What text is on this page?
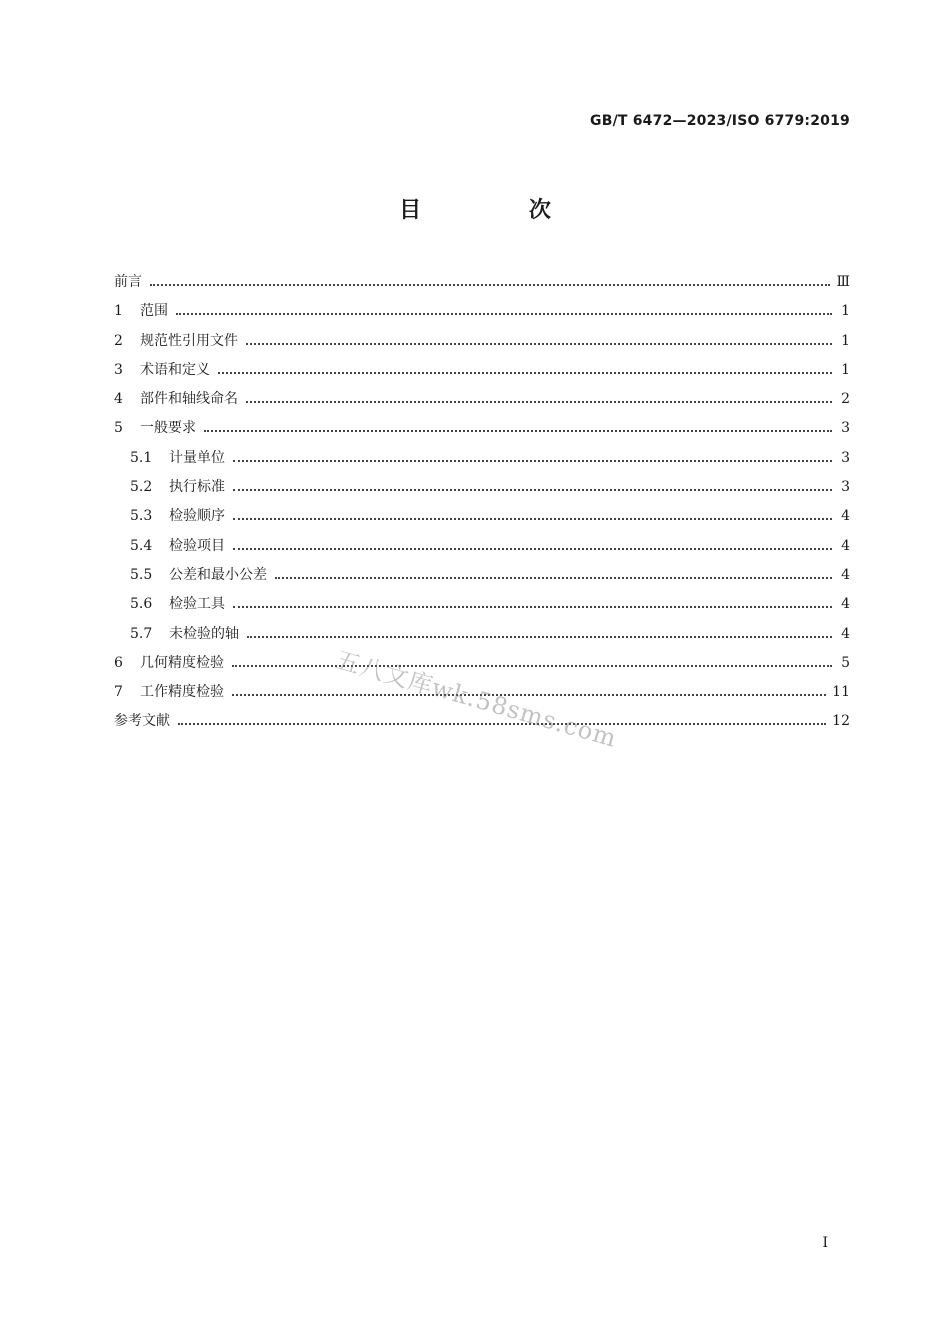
GB/T 6472—2023/ISO 6779:2019
目 次
前言	Ⅲ
1	范围	1
2	规范性引用文件	1
3	术语和定义	1
4	部件和轴线命名	2
5	一般要求	3
5.1	计量单位	3
5.2	执行标准	3
5.3	检验顺序	4
5.4	检验项目	4
5.5	公差和最小公差	4
5.6	检验工具	4
5.7	未检验的轴	4
6	几何精度检验	5
7	工作精度检验	11
参考文献	12
五八文库wk.58sms.com
I
